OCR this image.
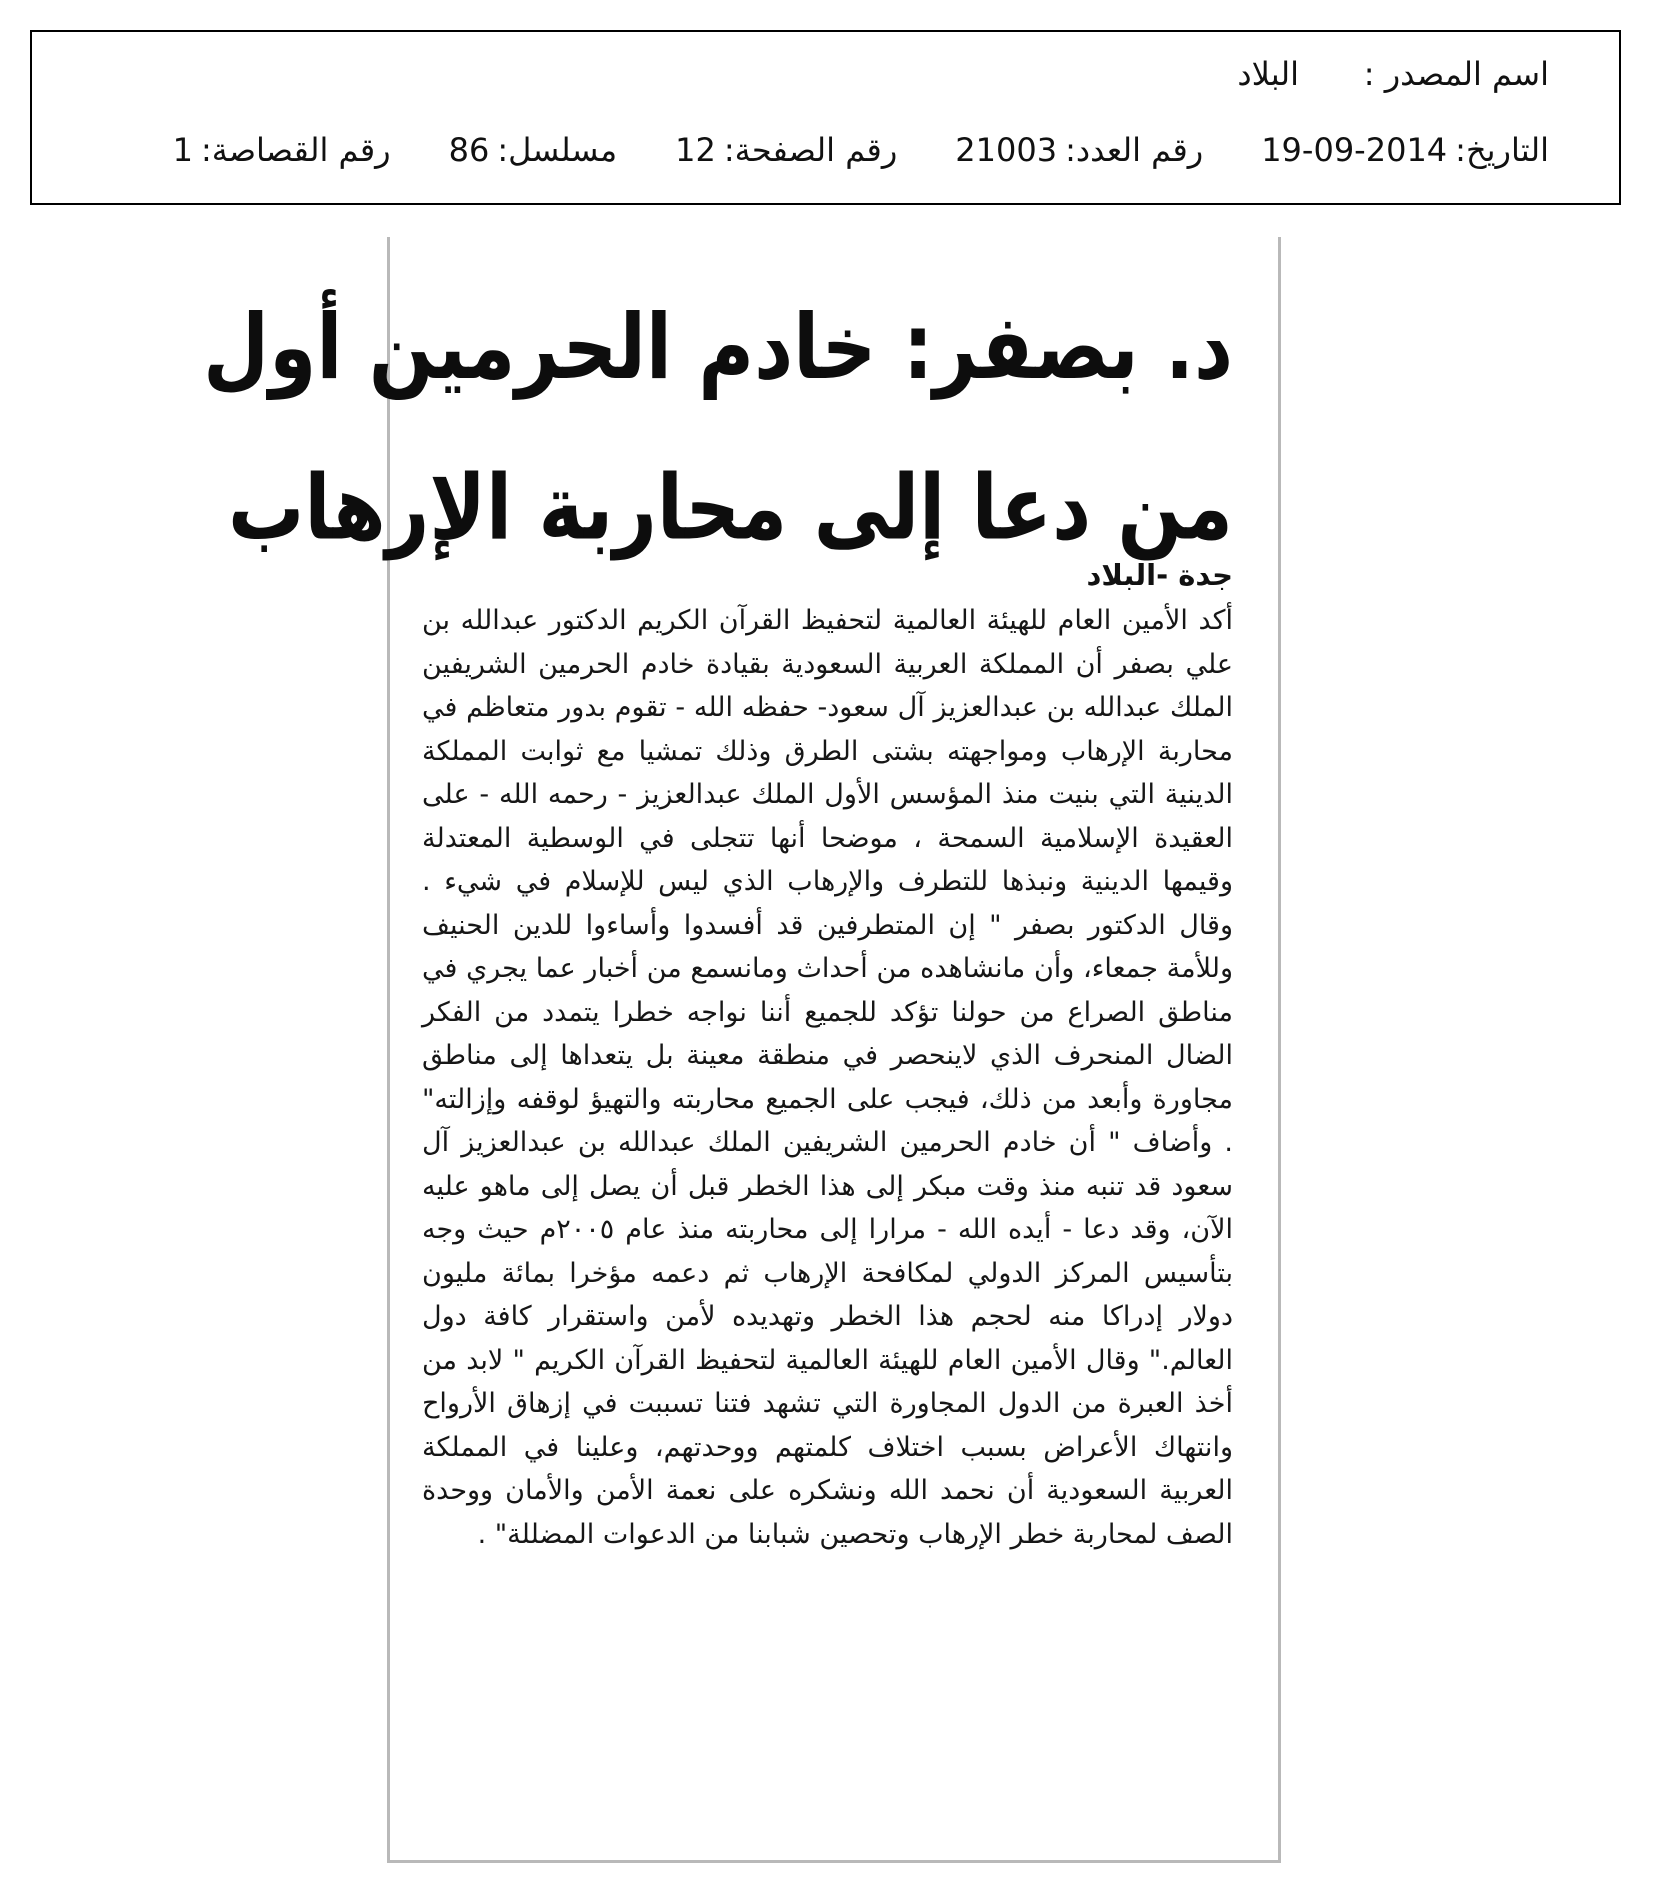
اسم المصدر :
البلاد
التاريخ:2014-09-19
رقم العدد:21003
رقم الصفحة:12
مسلسل:86
رقم القصاصة:1
د. بصفر: خادم الحرمين أول
من دعا إلى محاربة الإرهاب
جدة -البلاد
أكد الأمين العام للهيئة العالمية لتحفيظ القرآن الكريم الدكتور عبدالله بن علي بصفر أن المملكة العربية السعودية بقيادة خادم الحرمين الشريفين الملك عبدالله بن عبدالعزيز آل سعود- حفظه الله - تقوم بدور متعاظم في محاربة الإرهاب ومواجهته بشتى الطرق وذلك تمشيا مع ثوابت المملكة الدينية التي بنيت منذ المؤسس الأول الملك عبدالعزيز - رحمه الله - على العقيدة الإسلامية السمحة ، موضحا أنها تتجلى في الوسطية المعتدلة وقيمها الدينية ونبذها للتطرف والإرهاب الذي ليس للإسلام في شيء . وقال الدكتور بصفر " إن المتطرفين قد أفسدوا وأساءوا للدين الحنيف وللأمة جمعاء، وأن مانشاهده من أحداث ومانسمع من أخبار عما يجري في مناطق الصراع من حولنا تؤكد للجميع أننا نواجه خطرا يتمدد من الفكر الضال المنحرف الذي لاينحصر في منطقة معينة بل يتعداها إلى مناطق مجاورة وأبعد من ذلك، فيجب على الجميع محاربته والتهيؤ لوقفه وإزالته" . وأضاف " أن خادم الحرمين الشريفين الملك عبدالله بن عبدالعزيز آل سعود قد تنبه منذ وقت مبكر إلى هذا الخطر قبل أن يصل إلى ماهو عليه الآن، وقد دعا - أيده الله - مرارا إلى محاربته منذ عام ٢٠٠٥م حيث وجه بتأسيس المركز الدولي لمكافحة الإرهاب ثم دعمه مؤخرا بمائة مليون دولار إدراكا منه لحجم هذا الخطر وتهديده لأمن واستقرار كافة دول العالم." وقال الأمين العام للهيئة العالمية لتحفيظ القرآن الكريم " لابد من أخذ العبرة من الدول المجاورة التي تشهد فتنا تسببت في إزهاق الأرواح وانتهاك الأعراض بسبب اختلاف كلمتهم ووحدتهم، وعلينا في المملكة العربية السعودية أن نحمد الله ونشكره على نعمة الأمن والأمان ووحدة الصف لمحاربة خطر الإرهاب وتحصين شبابنا من الدعوات المضللة" .
